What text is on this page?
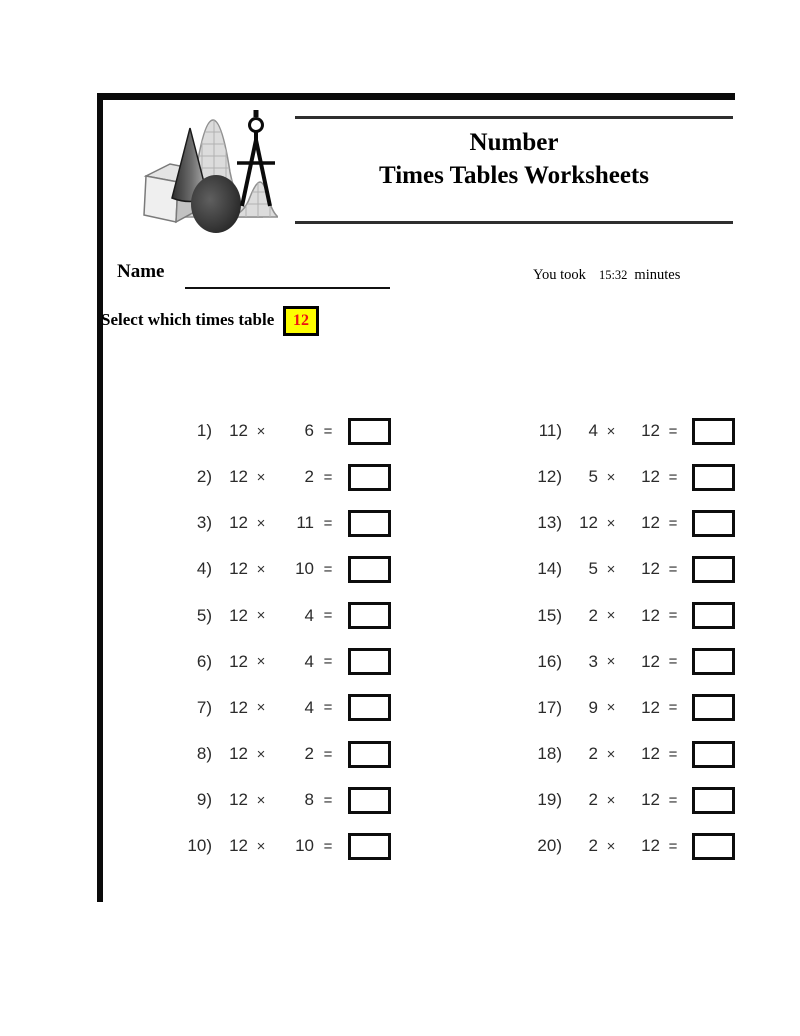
Number
Times Tables Worksheets
Name	You took 15:32 minutes
Select which times table	12
1)	12 ×	6 =
2)	12 ×	2 =
3)	12 ×	11 =
4)	12 ×	10 =
5)	12 ×	4 =
6)	12 ×	4 =
7)	12 ×	4 =
8)	12 ×	2 =
9)	12 ×	8 =
10)	12 ×	10 =
11)	4 ×	12 =
12)	5 ×	12 =
13)	12 ×	12 =
14)	5 ×	12 =
15)	2 ×	12 =
16)	3 ×	12 =
17)	9 ×	12 =
18)	2 ×	12 =
19)	2 ×	12 =
20)	2 ×	12 =
